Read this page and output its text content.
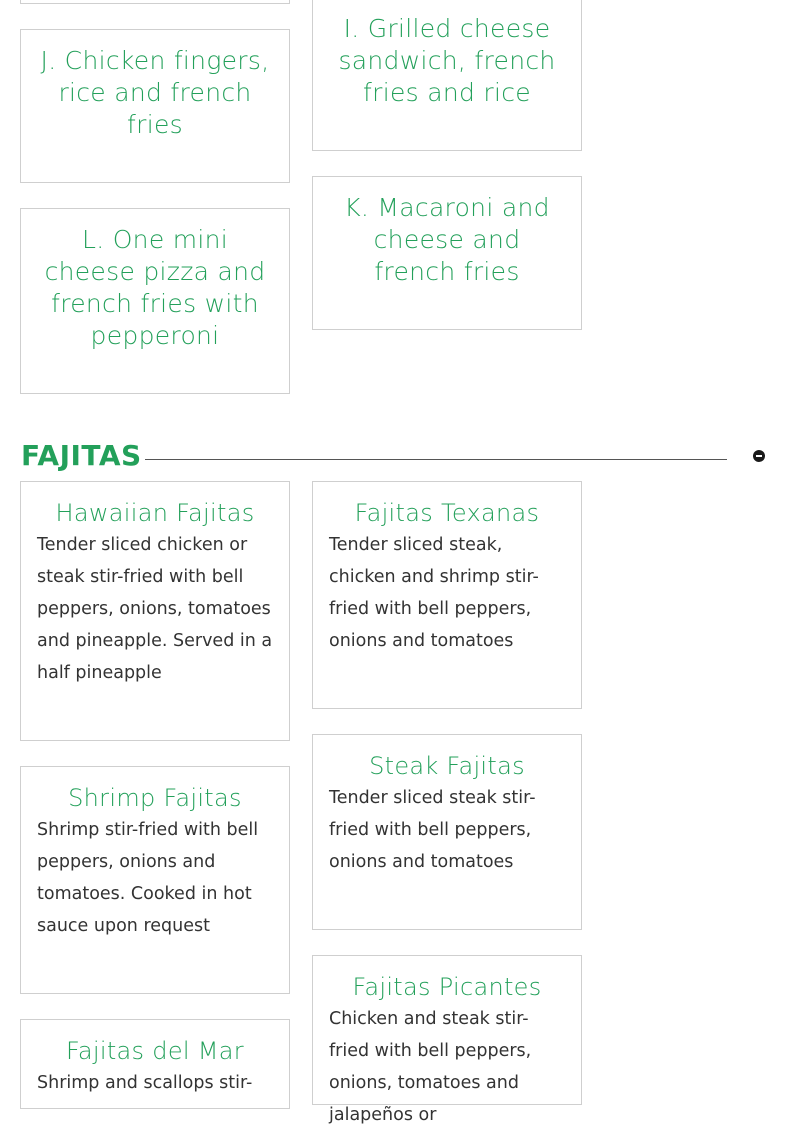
I. Grilled cheese sandwich, french fries and rice
J. Chicken fingers, rice and french fries
K. Macaroni and cheese and french fries
L. One mini cheese pizza and french fries with pepperoni
FAJITAS
Hawaiian Fajitas
Tender sliced chicken or steak stir-fried with bell peppers, onions, tomatoes and pineapple. Served in a half pineapple
Fajitas Texanas
Tender sliced steak, chicken and shrimp stir-fried with bell peppers, onions and tomatoes
Steak Fajitas
Tender sliced steak stir-fried with bell peppers, onions and tomatoes
Shrimp Fajitas
Shrimp stir-fried with bell peppers, onions and tomatoes. Cooked in hot sauce upon request
Fajitas Picantes
Chicken and steak stir-fried with bell peppers, onions, tomatoes and jalapeños or
Fajitas del Mar
Shrimp and scallops stir-
